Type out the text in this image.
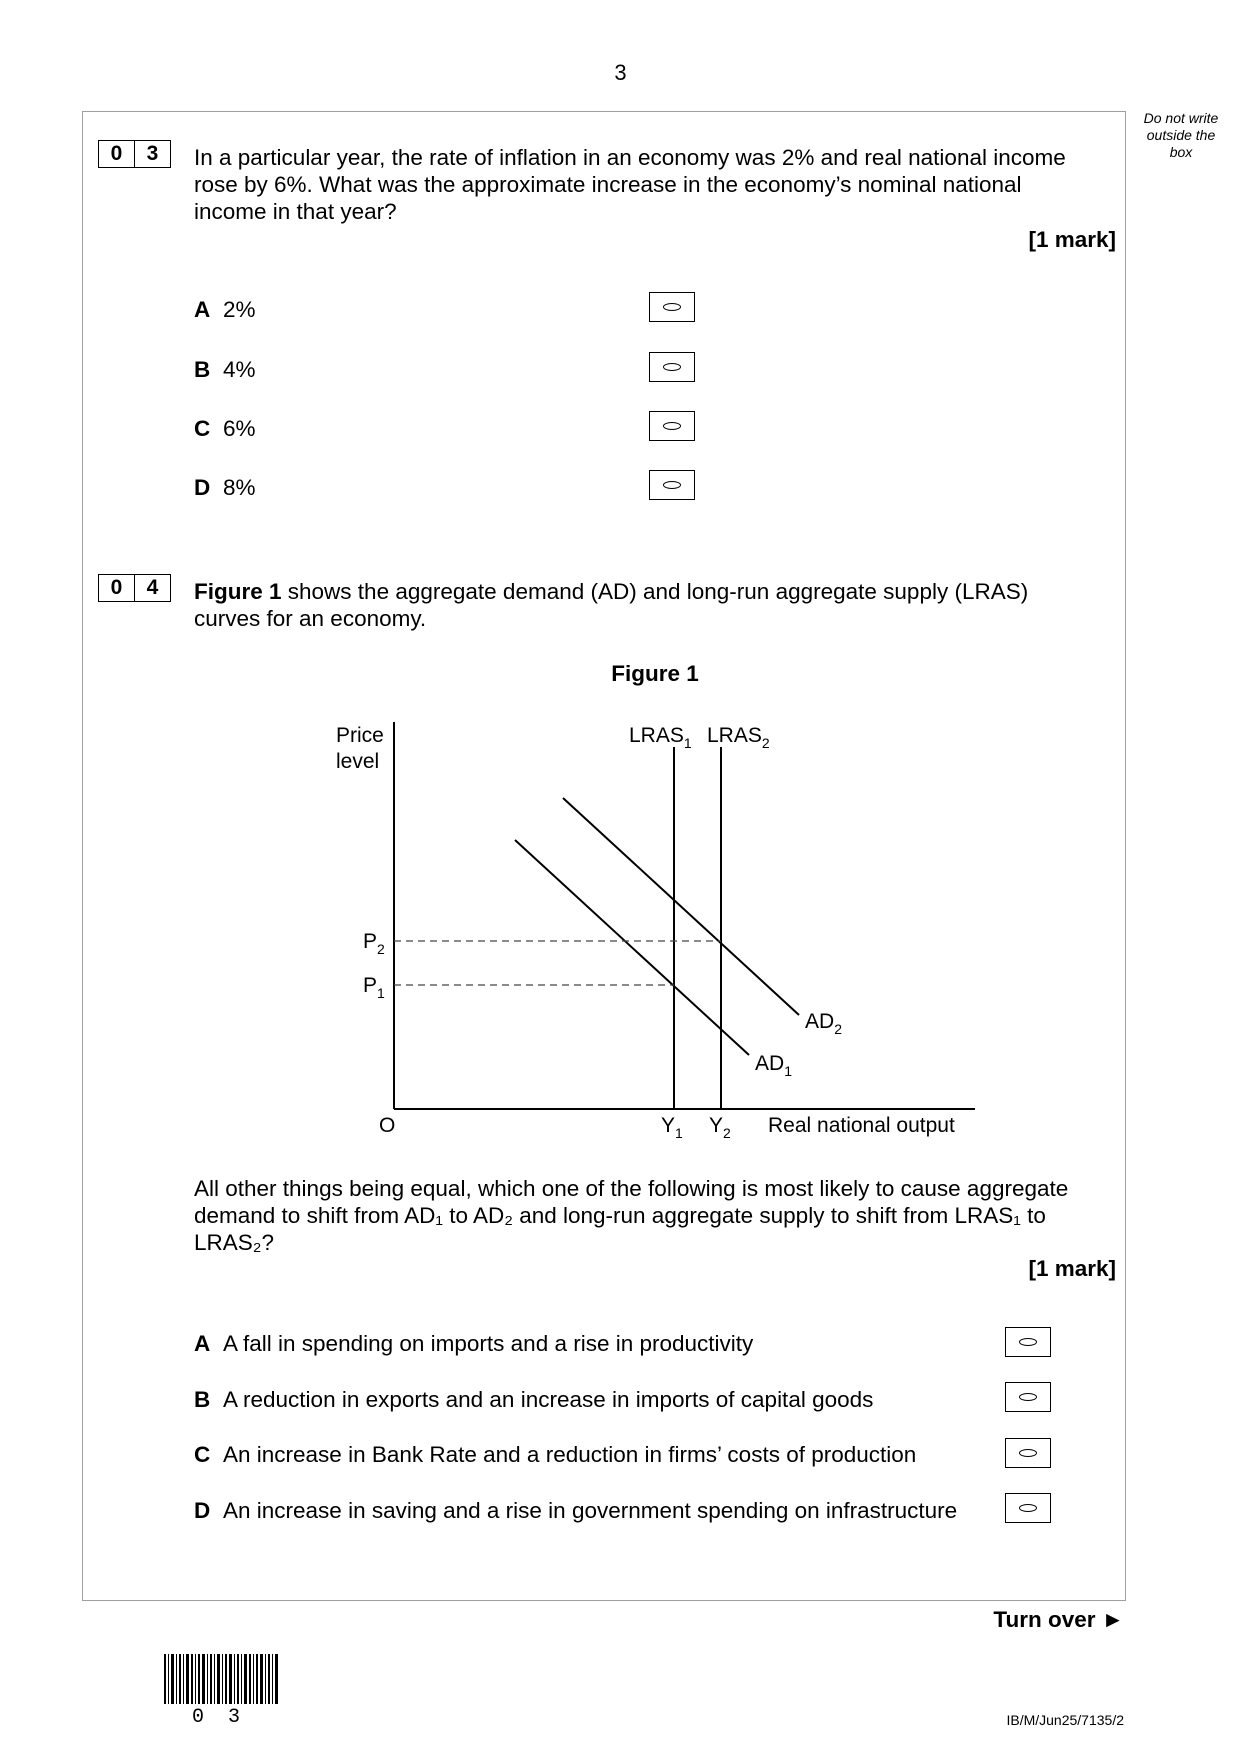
3
Do not write outside the box
0	3	In a particular year, the rate of inflation in an economy was 2% and real national income rose by 6%. What was the approximate increase in the economy’s nominal national income in that year?
[1 mark]
A 2%
B 4%
C 6%
D 8%
0	4	Figure 1 shows the aggregate demand (AD) and long-run aggregate supply (LRAS) curves for an economy.
Figure 1
Price
level
$LRAS_1$ $LRAS_2$
$AD_1$
$AD_2$
$P_2$
$P_1$
O	$Y_1$ $Y_2$ Real national output
All other things being equal, which one of the following is most likely to cause aggregate demand to shift from AD₁ to AD₂ and long-run aggregate supply to shift from LRAS₁ to LRAS₂?
[1 mark]
A A fall in spending on imports and a rise in productivity
B A reduction in exports and an increase in imports of capital goods
C An increase in Bank Rate and a reduction in firms’ costs of production
D An increase in saving and a rise in government spending on infrastructure
Turn over ►
0 3	IB/M/Jun25/7135/2
